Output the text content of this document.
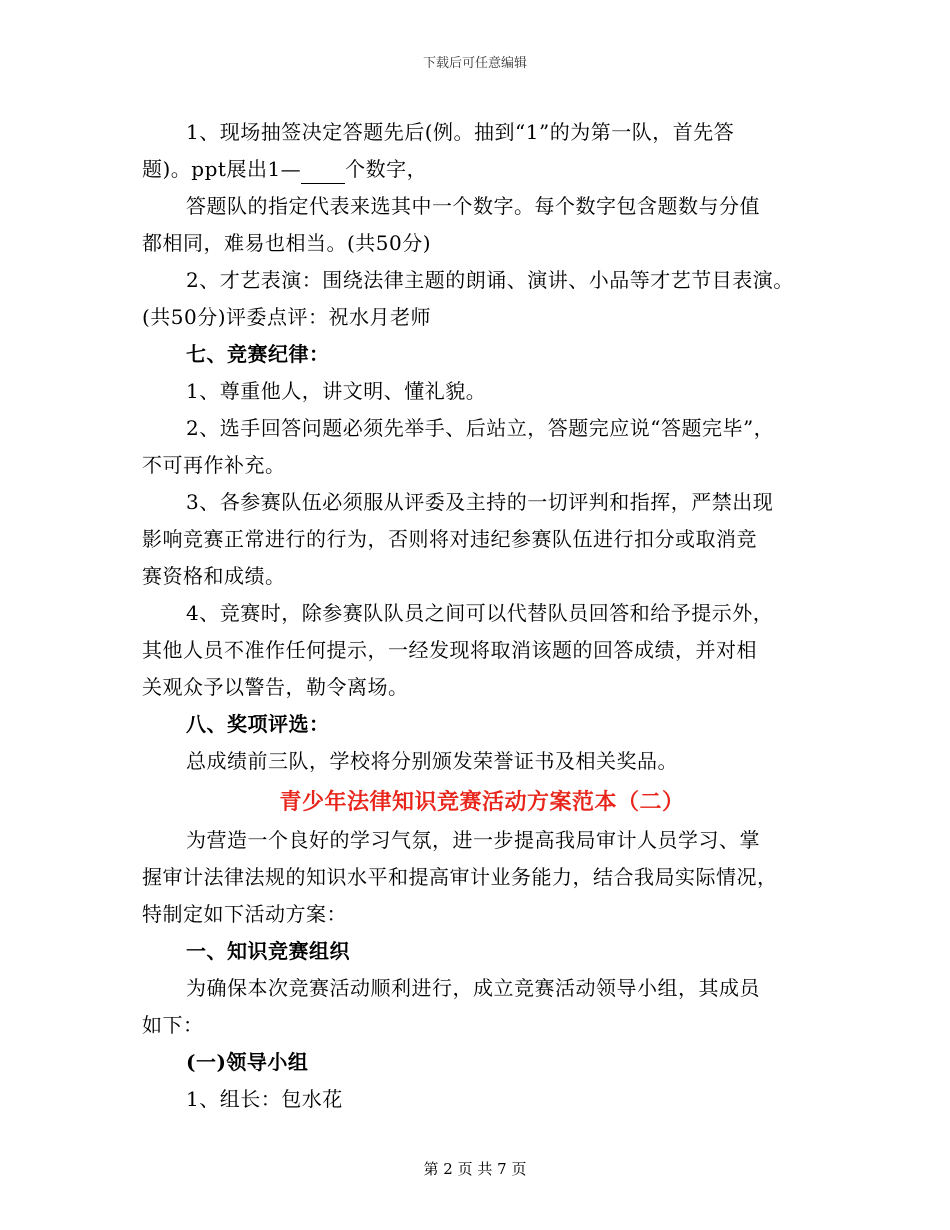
下载后可任意编辑

1、现场抽签决定答题先后(例。抽到“1”的为第一队，首先答

题)。ppt展出1— 个数字，

答题队的指定代表来选其中一个数字。每个数字包含题数与分值

都相同，难易也相当。(共50分)

2、才艺表演：围绕法律主题的朗诵、演讲、小品等才艺节目表演。

(共50分)评委点评：祝水月老师

七、竞赛纪律：

1、尊重他人，讲文明、懂礼貌。

2、选手回答问题必须先举手、后站立，答题完应说“答题完毕”，

不可再作补充。

3、各参赛队伍必须服从评委及主持的一切评判和指挥，严禁出现

影响竞赛正常进行的行为，否则将对违纪参赛队伍进行扣分或取消竞

赛资格和成绩。

4、竞赛时，除参赛队队员之间可以代替队员回答和给予提示外，

其他人员不准作任何提示，一经发现将取消该题的回答成绩，并对相

关观众予以警告，勒令离场。

八、奖项评选：

总成绩前三队，学校将分别颁发荣誉证书及相关奖品。

青少年法律知识竞赛活动方案范本（二）

为营造一个良好的学习气氛，进一步提高我局审计人员学习、掌

握审计法律法规的知识水平和提高审计业务能力，结合我局实际情况，

特制定如下活动方案：

一、知识竞赛组织

为确保本次竞赛活动顺利进行，成立竞赛活动领导小组，其成员

如下：

(一)领导小组

1、组长：包水花

第 2 页 共 7 页
